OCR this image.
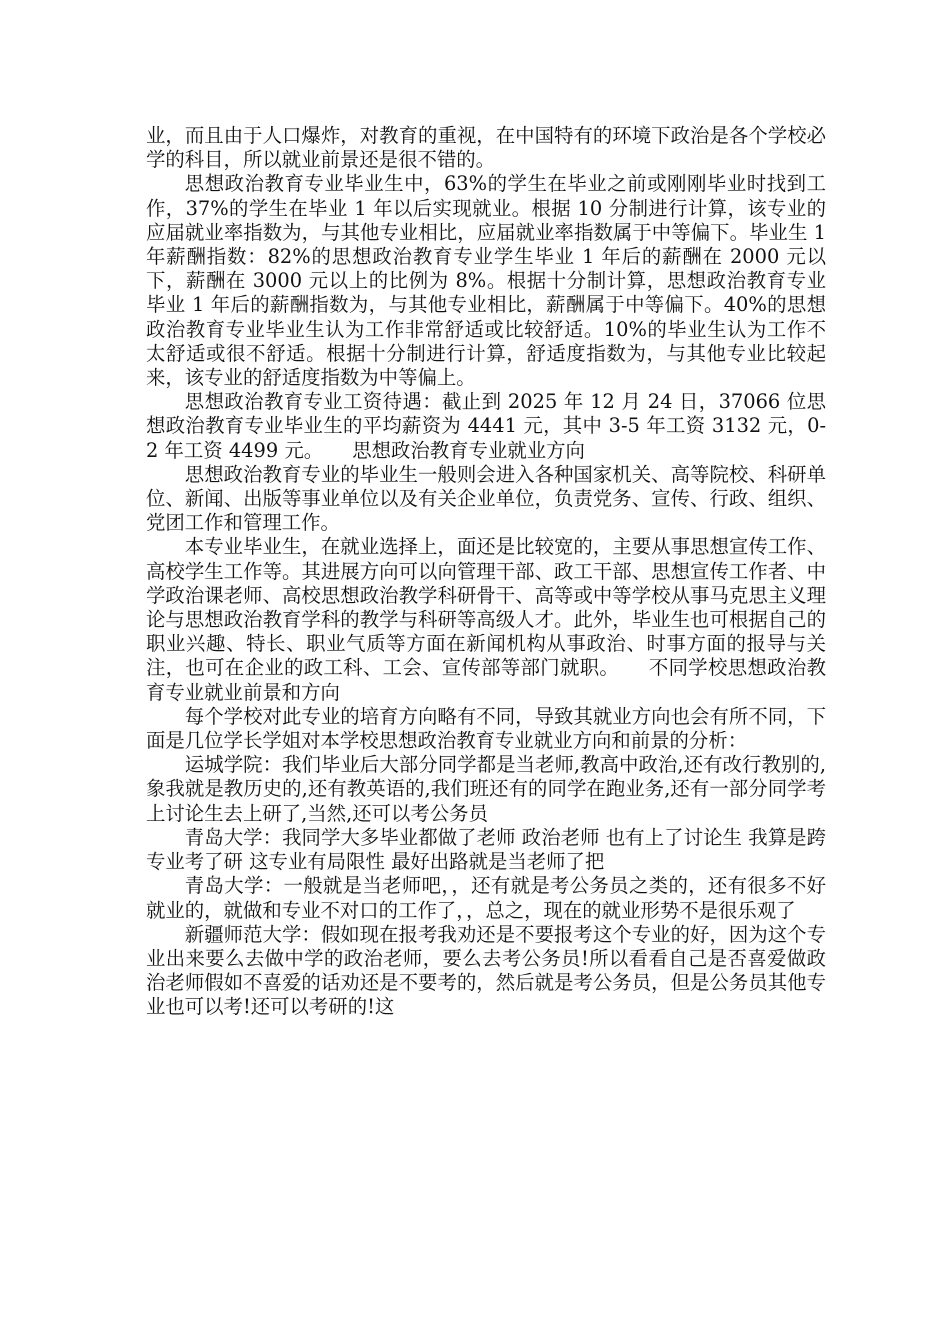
业，而且由于人口爆炸，对教育的重视，在中国特有的环境下政治是各个学校必学的科目，所以就业前景还是很不错的。

思想政治教育专业毕业生中，63%的学生在毕业之前或刚刚毕业时找到工作，37%的学生在毕业 1 年以后实现就业。根据 10 分制进行计算，该专业的应届就业率指数为，与其他专业相比，应届就业率指数属于中等偏下。毕业生 1 年薪酬指数：82%的思想政治教育专业学生毕业 1 年后的薪酬在 2000 元以下，薪酬在 3000 元以上的比例为 8%。根据十分制计算，思想政治教育专业毕业 1 年后的薪酬指数为，与其他专业相比，薪酬属于中等偏下。40%的思想政治教育专业毕业生认为工作非常舒适或比较舒适。10%的毕业生认为工作不太舒适或很不舒适。根据十分制进行计算，舒适度指数为，与其他专业比较起来，该专业的舒适度指数为中等偏上。

思想政治教育专业工资待遇：截止到 2025 年 12 月 24 日，37066 位思想政治教育专业毕业生的平均薪资为 4441 元，其中 3-5 年工资 3132 元，0-2 年工资 4499 元。　　思想政治教育专业就业方向

思想政治教育专业的毕业生一般则会进入各种国家机关、高等院校、科研单位、新闻、出版等事业单位以及有关企业单位，负责党务、宣传、行政、组织、党团工作和管理工作。

本专业毕业生，在就业选择上，面还是比较宽的，主要从事思想宣传工作、高校学生工作等。其进展方向可以向管理干部、政工干部、思想宣传工作者、中学政治课老师、高校思想政治教学科研骨干、高等或中等学校从事马克思主义理论与思想政治教育学科的教学与科研等高级人才。此外，毕业生也可根据自己的职业兴趣、特长、职业气质等方面在新闻机构从事政治、时事方面的报导与关注，也可在企业的政工科、工会、宣传部等部门就职。　　不同学校思想政治教育专业就业前景和方向

每个学校对此专业的培育方向略有不同，导致其就业方向也会有所不同，下面是几位学长学姐对本学校思想政治教育专业就业方向和前景的分析：

运城学院：我们毕业后大部分同学都是当老师,教高中政治,还有改行教别的,象我就是教历史的,还有教英语的,我们班还有的同学在跑业务,还有一部分同学考上讨论生去上研了,当然,还可以考公务员

青岛大学：我同学大多毕业都做了老师 政治老师 也有上了讨论生 我算是跨专业考了研 这专业有局限性 最好出路就是当老师了把

青岛大学：一般就是当老师吧，，还有就是考公务员之类的，还有很多不好就业的，就做和专业不对口的工作了，，总之，现在的就业形势不是很乐观了

新疆师范大学：假如现在报考我劝还是不要报考这个专业的好，因为这个专业出来要么去做中学的政治老师，要么去考公务员!所以看看自己是否喜爱做政治老师假如不喜爱的话劝还是不要考的，然后就是考公务员，但是公务员其他专业也可以考!还可以考研的!这
